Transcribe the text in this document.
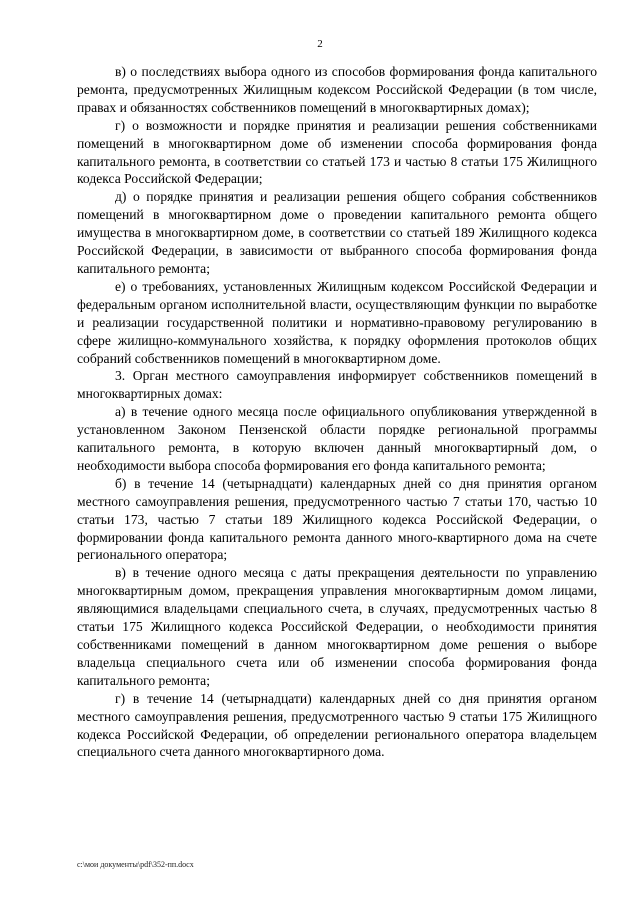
2

в) о последствиях выбора одного из способов формирования фонда капитального ремонта, предусмотренных Жилищным кодексом Российской Федерации (в том числе, правах и обязанностях собственников помещений в многоквартирных домах);

г) о возможности и порядке принятия и реализации решения собственниками помещений в многоквартирном доме об изменении способа формирования фонда капитального ремонта, в соответствии со статьей 173 и частью 8 статьи 175 Жилищного кодекса Российской Федерации;

д) о порядке принятия и реализации решения общего собрания собственников помещений в многоквартирном доме о проведении капитального ремонта общего имущества в многоквартирном доме, в соответствии со статьей 189 Жилищного кодекса Российской Федерации, в зависимости от выбранного способа формирования фонда капитального ремонта;

е) о требованиях, установленных Жилищным кодексом Российской Федерации и федеральным органом исполнительной власти, осуществляющим функции по выработке и реализации государственной политики и нормативно-правовому регулированию в сфере жилищно-коммунального хозяйства, к порядку оформления протоколов общих собраний собственников помещений в многоквартирном доме.

3. Орган местного самоуправления информирует собственников помещений в многоквартирных домах:

а) в течение одного месяца после официального опубликования утвержденной в установленном Законом Пензенской области порядке региональной программы капитального ремонта, в которую включен данный многоквартирный дом, о необходимости выбора способа формирования его фонда капитального ремонта;

б) в течение 14 (четырнадцати) календарных дней со дня принятия органом местного самоуправления решения, предусмотренного частью 7 статьи 170, частью 10 статьи 173, частью 7 статьи 189 Жилищного кодекса Российской Федерации, о формировании фонда капитального ремонта данного много-квартирного дома на счете регионального оператора;

в) в течение одного месяца с даты прекращения деятельности по управлению многоквартирным домом, прекращения управления многоквартирным домом лицами, являющимися владельцами специального счета, в случаях, предусмотренных частью 8 статьи 175 Жилищного кодекса Российской Федерации, о необходимости принятия собственниками помещений в данном многоквартирном доме решения о выборе владельца специального счета или об изменении способа формирования фонда капитального ремонта;

г) в течение 14 (четырнадцати) календарных дней со дня принятия органом местного самоуправления решения, предусмотренного частью 9 статьи 175 Жилищного кодекса Российской Федерации, об определении регионального оператора владельцем специального счета данного многоквартирного дома.

c:\мои документы\pdf\352-пп.docx
